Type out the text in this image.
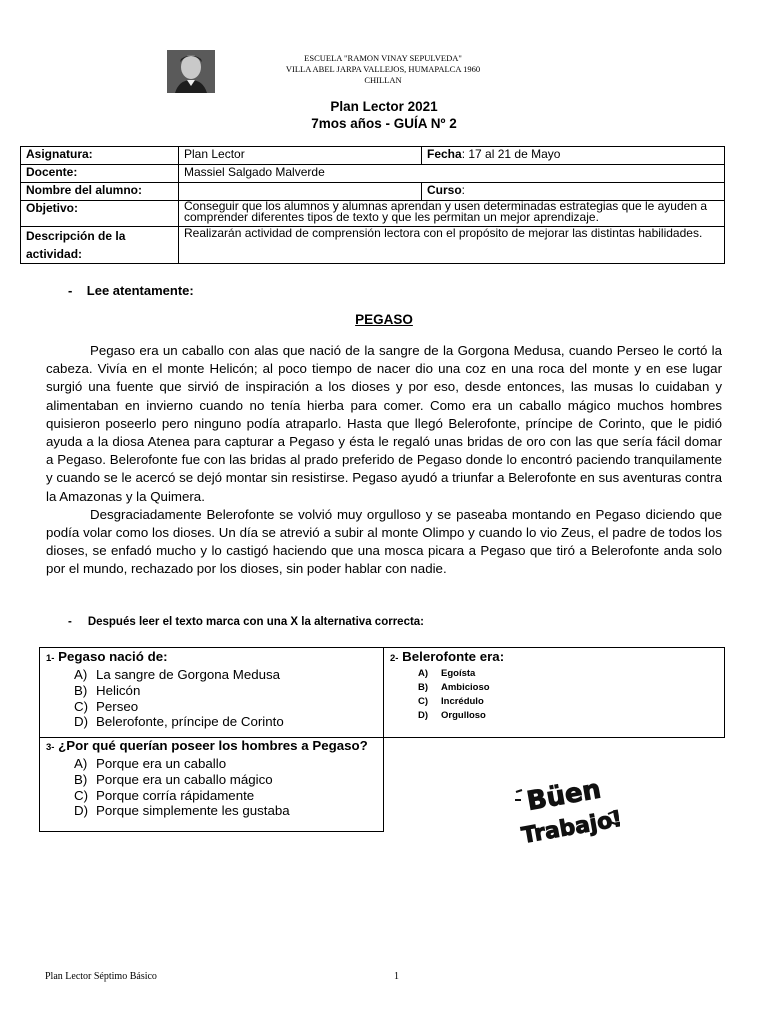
ESCUELA "RAMON VINAY SEPULVEDA"
VILLA ABEL JARPA VALLEJOS, HUMAPALCA 1960
CHILLAN
Plan Lector 2021
7mos años - GUÍA Nº 2
Asignatura:	Plan Lector	Fecha: 17 al 21 de Mayo
Docente:	Massiel Salgado Malverde	
Nombre del alumno:		Curso:
Objetivo:	Conseguir que los alumnos y alumnas aprendan y usen determinadas estrategias que le ayuden a comprender diferentes tipos de texto y que les permitan un mejor aprendizaje.	
Descripción de la actividad:	Realizarán actividad de comprensión lectora con el propósito de mejorar las distintas habilidades.	
-    Lee atentamente:
PEGASO

Pegaso era un caballo con alas que nació de la sangre de la Gorgona Medusa, cuando Perseo le cortó la cabeza. Vivía en el monte Helicón; al poco tiempo de nacer dio una coz en una roca del monte y en ese lugar surgió una fuente que sirvió de inspiración a los dioses y por eso, desde entonces, las musas lo cuidaban y alimentaban en invierno cuando no tenía hierba para comer. Como era un caballo mágico muchos hombres quisieron poseerlo pero ninguno podía atraparlo. Hasta que llegó Belerofonte, príncipe de Corinto, que le pidió ayuda a la diosa Atenea para capturar a Pegaso y ésta le regaló unas bridas de oro con las que sería fácil domar a Pegaso. Belerofonte fue con las bridas al prado preferido de Pegaso donde lo encontró paciendo tranquilamente y cuando se le acercó se dejó montar sin resistirse. Pegaso ayudó a triunfar a Belerofonte en sus aventuras contra la Amazonas y la Quimera.

Desgraciadamente Belerofonte se volvió muy orgulloso y se paseaba montando en Pegaso diciendo que podía volar como los dioses. Un día se atrevió a subir al monte Olimpo y cuando lo vio Zeus, el padre de todos los dioses, se enfadó mucho y lo castigó haciendo que una mosca picara a Pegaso que tiró a Belerofonte anda solo por el mundo, rechazado por los dioses, sin poder hablar con nadie.

-     Después leer el texto marca con una X la alternativa correcta:
1- Pegaso nació de:
A) La sangre de Gorgona Medusa
B) Helicón
C) Perseo
D) Belerofonte, príncipe de Corinto
2- Belerofonte era:
A) Egoísta
B) Ambicioso
C) Incrédulo
D) Orgulloso
3- ¿Por qué querían poseer los hombres a Pegaso?
A) Porque era un caballo
B) Porque era un caballo mágico
C) Porque corría rápidamente
D) Porque simplemente les gustaba	Büen
Trabajo!
Plan Lector Séptimo Básico	1
